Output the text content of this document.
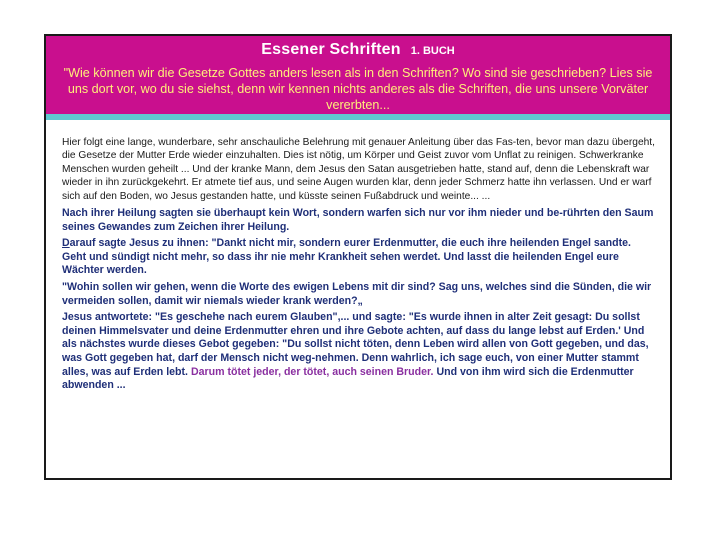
Essener Schriften 1. BUCH
"Wie können wir die Gesetze Gottes anders lesen als in den Schriften? Wo sind sie geschrieben? Lies sie uns dort vor, wo du sie siehst, denn wir kennen nichts anderes als die Schriften, die uns unsere Vorväter vererbten...

Hier folgt eine lange, wunderbare, sehr anschauliche Belehrung mit genauer Anleitung über das Fas-ten, bevor man dazu übergeht, die Gesetze der Mutter Erde wieder einzuhalten. Dies ist nötig, um Körper und Geist zuvor vom Unflat zu reinigen. Schwerkranke Menschen wurden geheilt ... Und der kranke Mann, dem Jesus den Satan ausgetrieben hatte, stand auf, denn die Lebenskraft war wieder in ihn zurückgekehrt. Er atmete tief aus, und seine Augen wurden klar, denn jeder Schmerz hatte ihn verlassen. Und er warf sich auf den Boden, wo Jesus gestanden hatte, und küsste seinen Fußabdruck und weinte... ...

Nach ihrer Heilung sagten sie überhaupt kein Wort, sondern warfen sich nur vor ihm nieder und be-rührten den Saum seines Gewandes zum Zeichen ihrer Heilung.

Darauf sagte Jesus zu ihnen: "Dankt nicht mir, sondern eurer Erdenmutter, die euch ihre heilenden Engel sandte. Geht und sündigt nicht mehr, so dass ihr nie mehr Krankheit sehen werdet. Und lasst die heilenden Engel eure Wächter werden.

"Wohin sollen wir gehen, wenn die Worte des ewigen Lebens mit dir sind? Sag uns, welches sind die Sünden, die wir vermeiden sollen, damit wir niemals wieder krank werden?„

Jesus antwortete: "Es geschehe nach eurem Glauben",... und sagte: "Es wurde ihnen in alter Zeit gesagt: Du sollst deinen Himmelsvater und deine Erdenmutter ehren und ihre Gebote achten, auf dass du lange lebst auf Erden.' Und als nächstes wurde dieses Gebot gegeben: "Du sollst nicht töten, denn Leben wird allen von Gott gegeben, und das, was Gott gegeben hat, darf der Mensch nicht weg-nehmen. Denn wahrlich, ich sage euch, von einer Mutter stammt alles, was auf Erden lebt. Darum tötet jeder, der tötet, auch seinen Bruder. Und von ihm wird sich die Erdenmutter abwenden ...
